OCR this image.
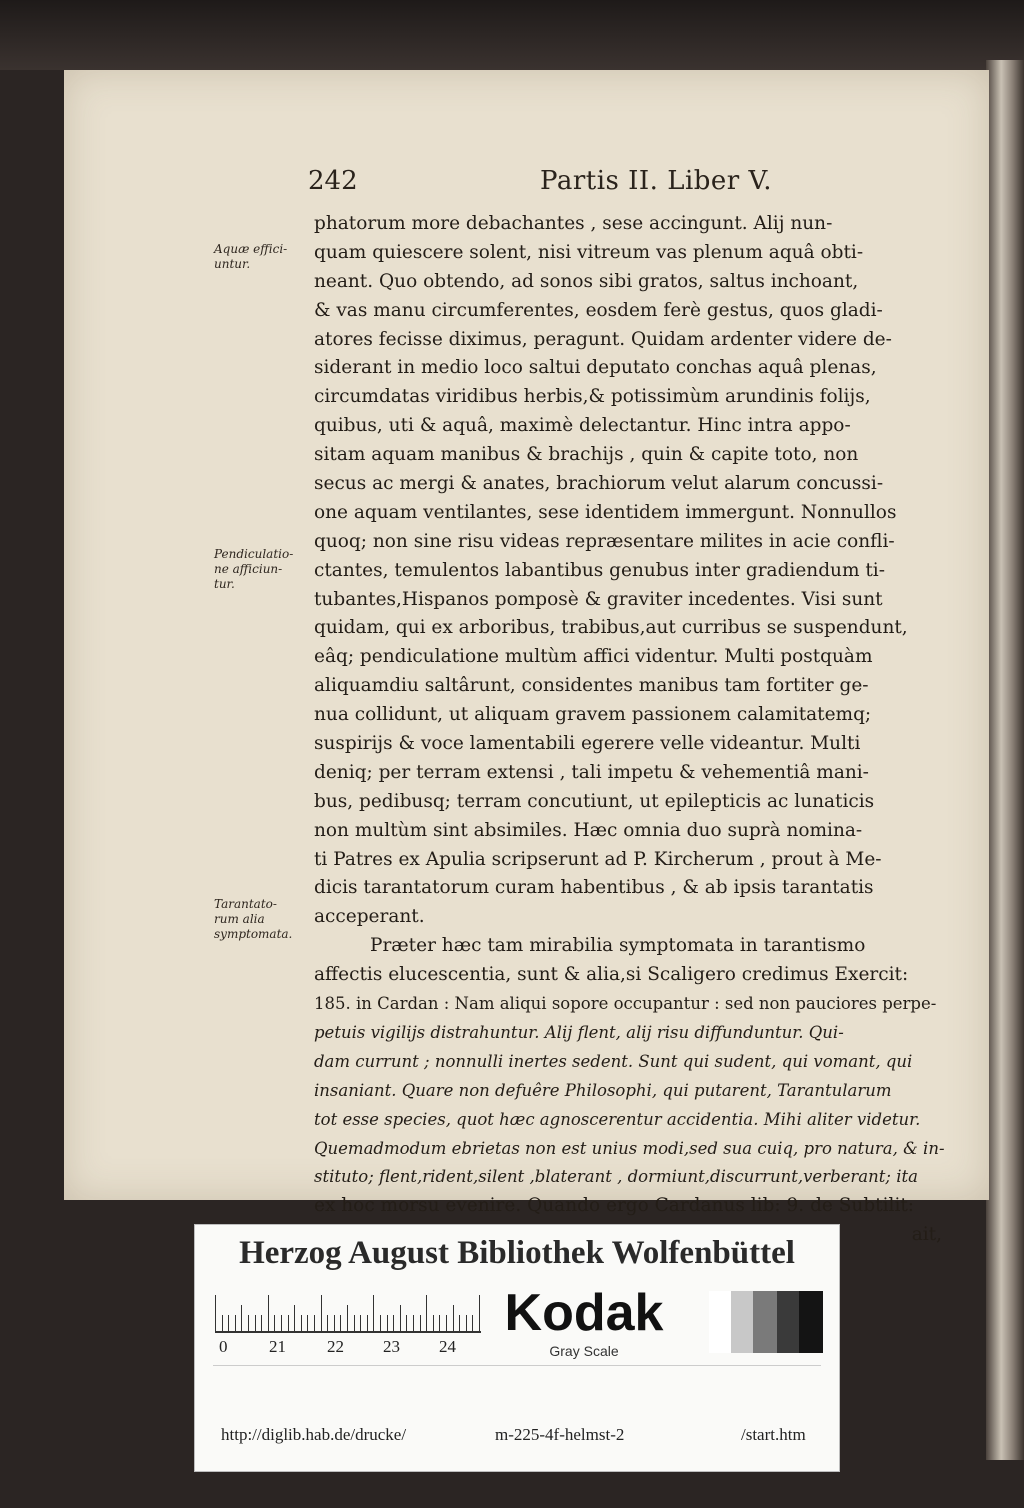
242	Partis II. Liber V.
Aquæ effici-
untur.
Pendiculatio-
ne afficiun-
tur.
Tarantato-
rum alia
symptomata.
phatorum more debachantes , sese accingunt. Alij nun-
quam quiescere solent, nisi vitreum vas plenum aquâ obti-
neant. Quo obtendo, ad sonos sibi gratos, saltus inchoant,
& vas manu circumferentes, eosdem ferè gestus, quos gladi-
atores fecisse diximus, peragunt. Quidam ardenter videre de-
siderant in medio loco saltui deputato conchas aquâ plenas,
circumdatas viridibus herbis,& potissimùm arundinis folijs,
quibus, uti & aquâ, maximè delectantur. Hinc intra appo-
sitam aquam manibus & brachijs , quin & capite toto, non
secus ac mergi & anates, brachiorum velut alarum concussi-
one aquam ventilantes, sese identidem immergunt. Nonnullos
quoq; non sine risu videas repræsentare milites in acie confli-
ctantes, temulentos labantibus genubus inter gradiendum ti-
tubantes,Hispanos pomposè & graviter incedentes. Visi sunt
quidam, qui ex arboribus, trabibus,aut curribus se suspendunt,
eâq; pendiculatione multùm affici videntur. Multi postquàm
aliquamdiu saltârunt, considentes manibus tam fortiter ge-
nua collidunt, ut aliquam gravem passionem calamitatemq;
suspirijs & voce lamentabili egerere velle videantur. Multi
deniq; per terram extensi , tali impetu & vehementiâ mani-
bus, pedibusq; terram concutiunt, ut epilepticis ac lunaticis
non multùm sint absimiles. Hæc omnia duo suprà nomina-
ti Patres ex Apulia scripserunt ad P. Kircherum , prout à Me-
dicis tarantatorum curam habentibus , & ab ipsis tarantatis
acceperant.
Præter hæc tam mirabilia symptomata in tarantismo
affectis elucescentia, sunt & alia,si Scaligero credimus Exercit:
185. in Cardan : Nam aliqui sopore occupantur : sed non pauciores perpe-
petuis vigilijs distrahuntur. Alij flent, alij risu diffunduntur. Qui-
dam currunt ; nonnulli inertes sedent. Sunt qui sudent, qui vomant, qui
insaniant. Quare non defuêre Philosophi, qui putarent, Tarantularum
tot esse species, quot hæc agnoscerentur accidentia. Mihi aliter videtur.
Quemadmodum ebrietas non est unius modi,sed sua cuiq, pro natura, & in-
stituto; flent,rident,silent ,blaterant , dormiunt,discurrunt,verberant; ita
ex hoc morsu evenire. Quando ergo Cardanus lib: 9. de Subtilit:
ait,
Herzog August Bibliothek Wolfenbüttel
0 21 22 23 24
Kodak
Gray Scale
http://diglib.hab.de/drucke/	m-225-4f-helmst-2	/start.htm
